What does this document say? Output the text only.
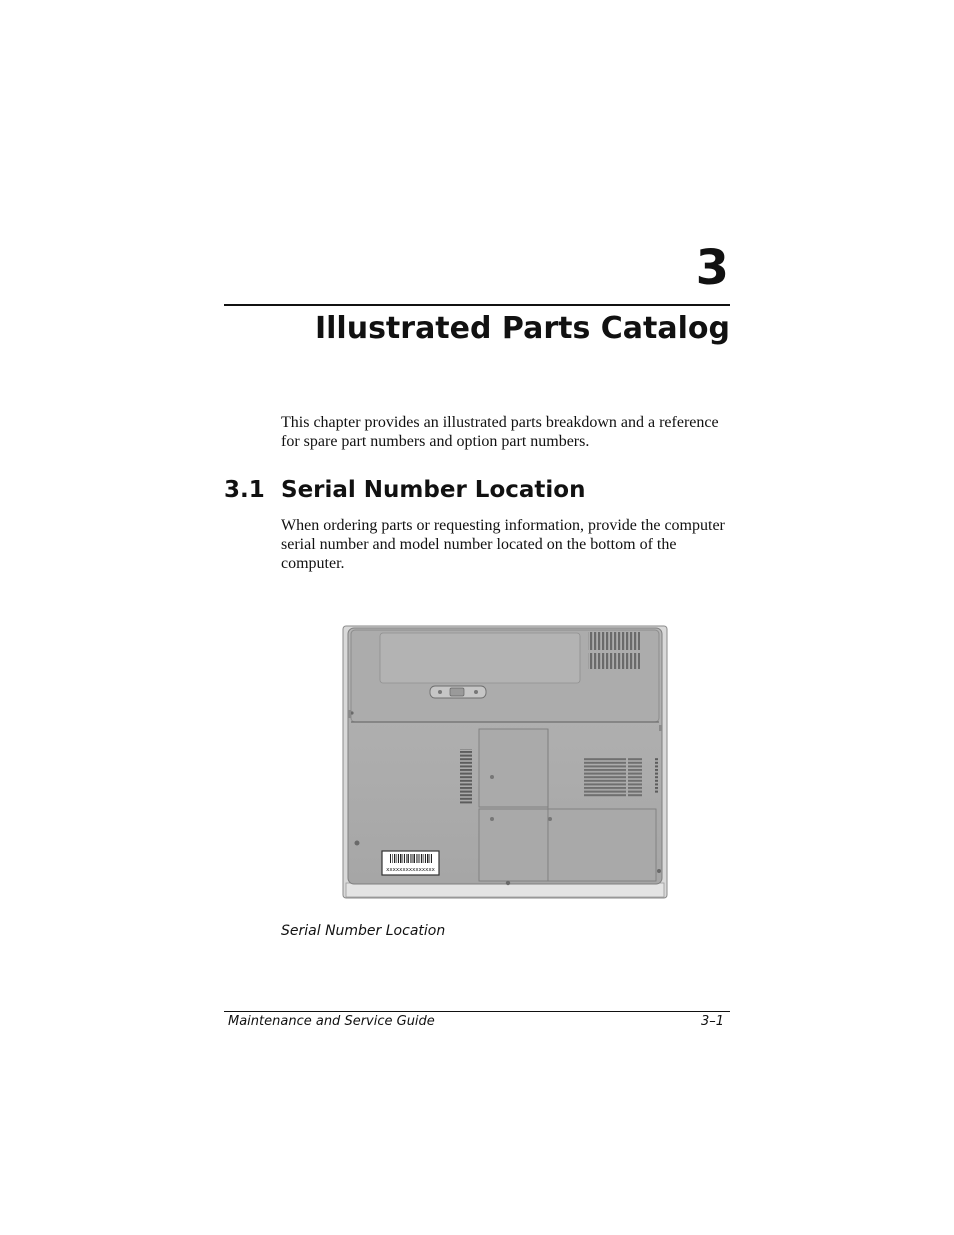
3
Illustrated Parts Catalog

This chapter provides an illustrated parts breakdown and a reference for spare part numbers and option part numbers.

3.1 Serial Number Location

When ordering parts or requesting information, provide the computer serial number and model number located on the bottom of the computer.

xxxxxxxxxxxxxxx
Serial Number Location
Maintenance and Service Guide	3–1
